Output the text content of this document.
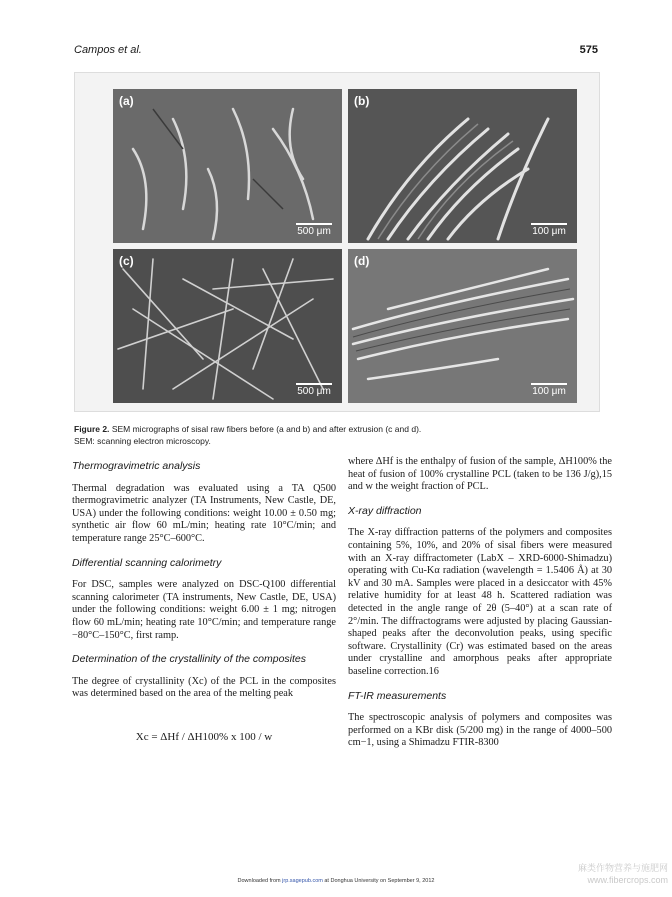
Campos et al.	575
(a)
500 μm
(b)
100 μm
(c)
500 μm
(d)
100 μm
Figure 2. SEM micrographs of sisal raw fibers before (a and b) and after extrusion (c and d).
SEM: scanning electron microscopy.
Thermogravimetric analysis

Thermal degradation was evaluated using a TA Q500 thermogravimetric analyzer (TA Instruments, New Castle, DE, USA) under the following conditions: weight 10.00 ± 0.50 mg; synthetic air flow 60 mL/min; heating rate 10°C/min; and temperature range 25°C–600°C.

Differential scanning calorimetry

For DSC, samples were analyzed on DSC-Q100 differential scanning calorimeter (TA instruments, New Castle, DE, USA) under the following conditions: weight 6.00 ± 1 mg; nitrogen flow 60 mL/min; heating rate 10°C/min; and temperature range −80°C–150°C, first ramp.

Determination of the crystallinity of the composites

The degree of crystallinity (Xc) of the PCL in the composites was determined based on the area of the melting peak

Xc = ΔHf / ΔH100% x 100 / w

where ΔHf is the enthalpy of fusion of the sample, ΔH100% the heat of fusion of 100% crystalline PCL (taken to be 136 J/g),15 and w the weight fraction of PCL.

X-ray diffraction

The X-ray diffraction patterns of the polymers and composites containing 5%, 10%, and 20% of sisal fibers were measured with an X-ray diffractometer (LabX – XRD-6000-Shimadzu) operating with Cu-Kα radiation (wavelength = 1.5406 Å) at 30 kV and 30 mA. Samples were placed in a desiccator with 45% relative humidity for at least 48 h. Scattered radiation was detected in the angle range of 2θ (5–40°) at a scan rate of 2°/min. The diffractograms were adjusted by placing Gaussian-shaped peaks after the deconvolution peaks, using specific software. Crystallinity (Cr) was estimated based on the areas under crystalline and amorphous peaks after appropriate baseline correction.16

FT-IR measurements

The spectroscopic analysis of polymers and composites was performed on a KBr disk (5/200 mg) in the range of 4000–500 cm−1, using a Shimadzu FTIR-8300

Downloaded from jrp.sagepub.com at Donghua University on September 9, 2012
麻类作物营养与施肥网
www.fibercrops.com
